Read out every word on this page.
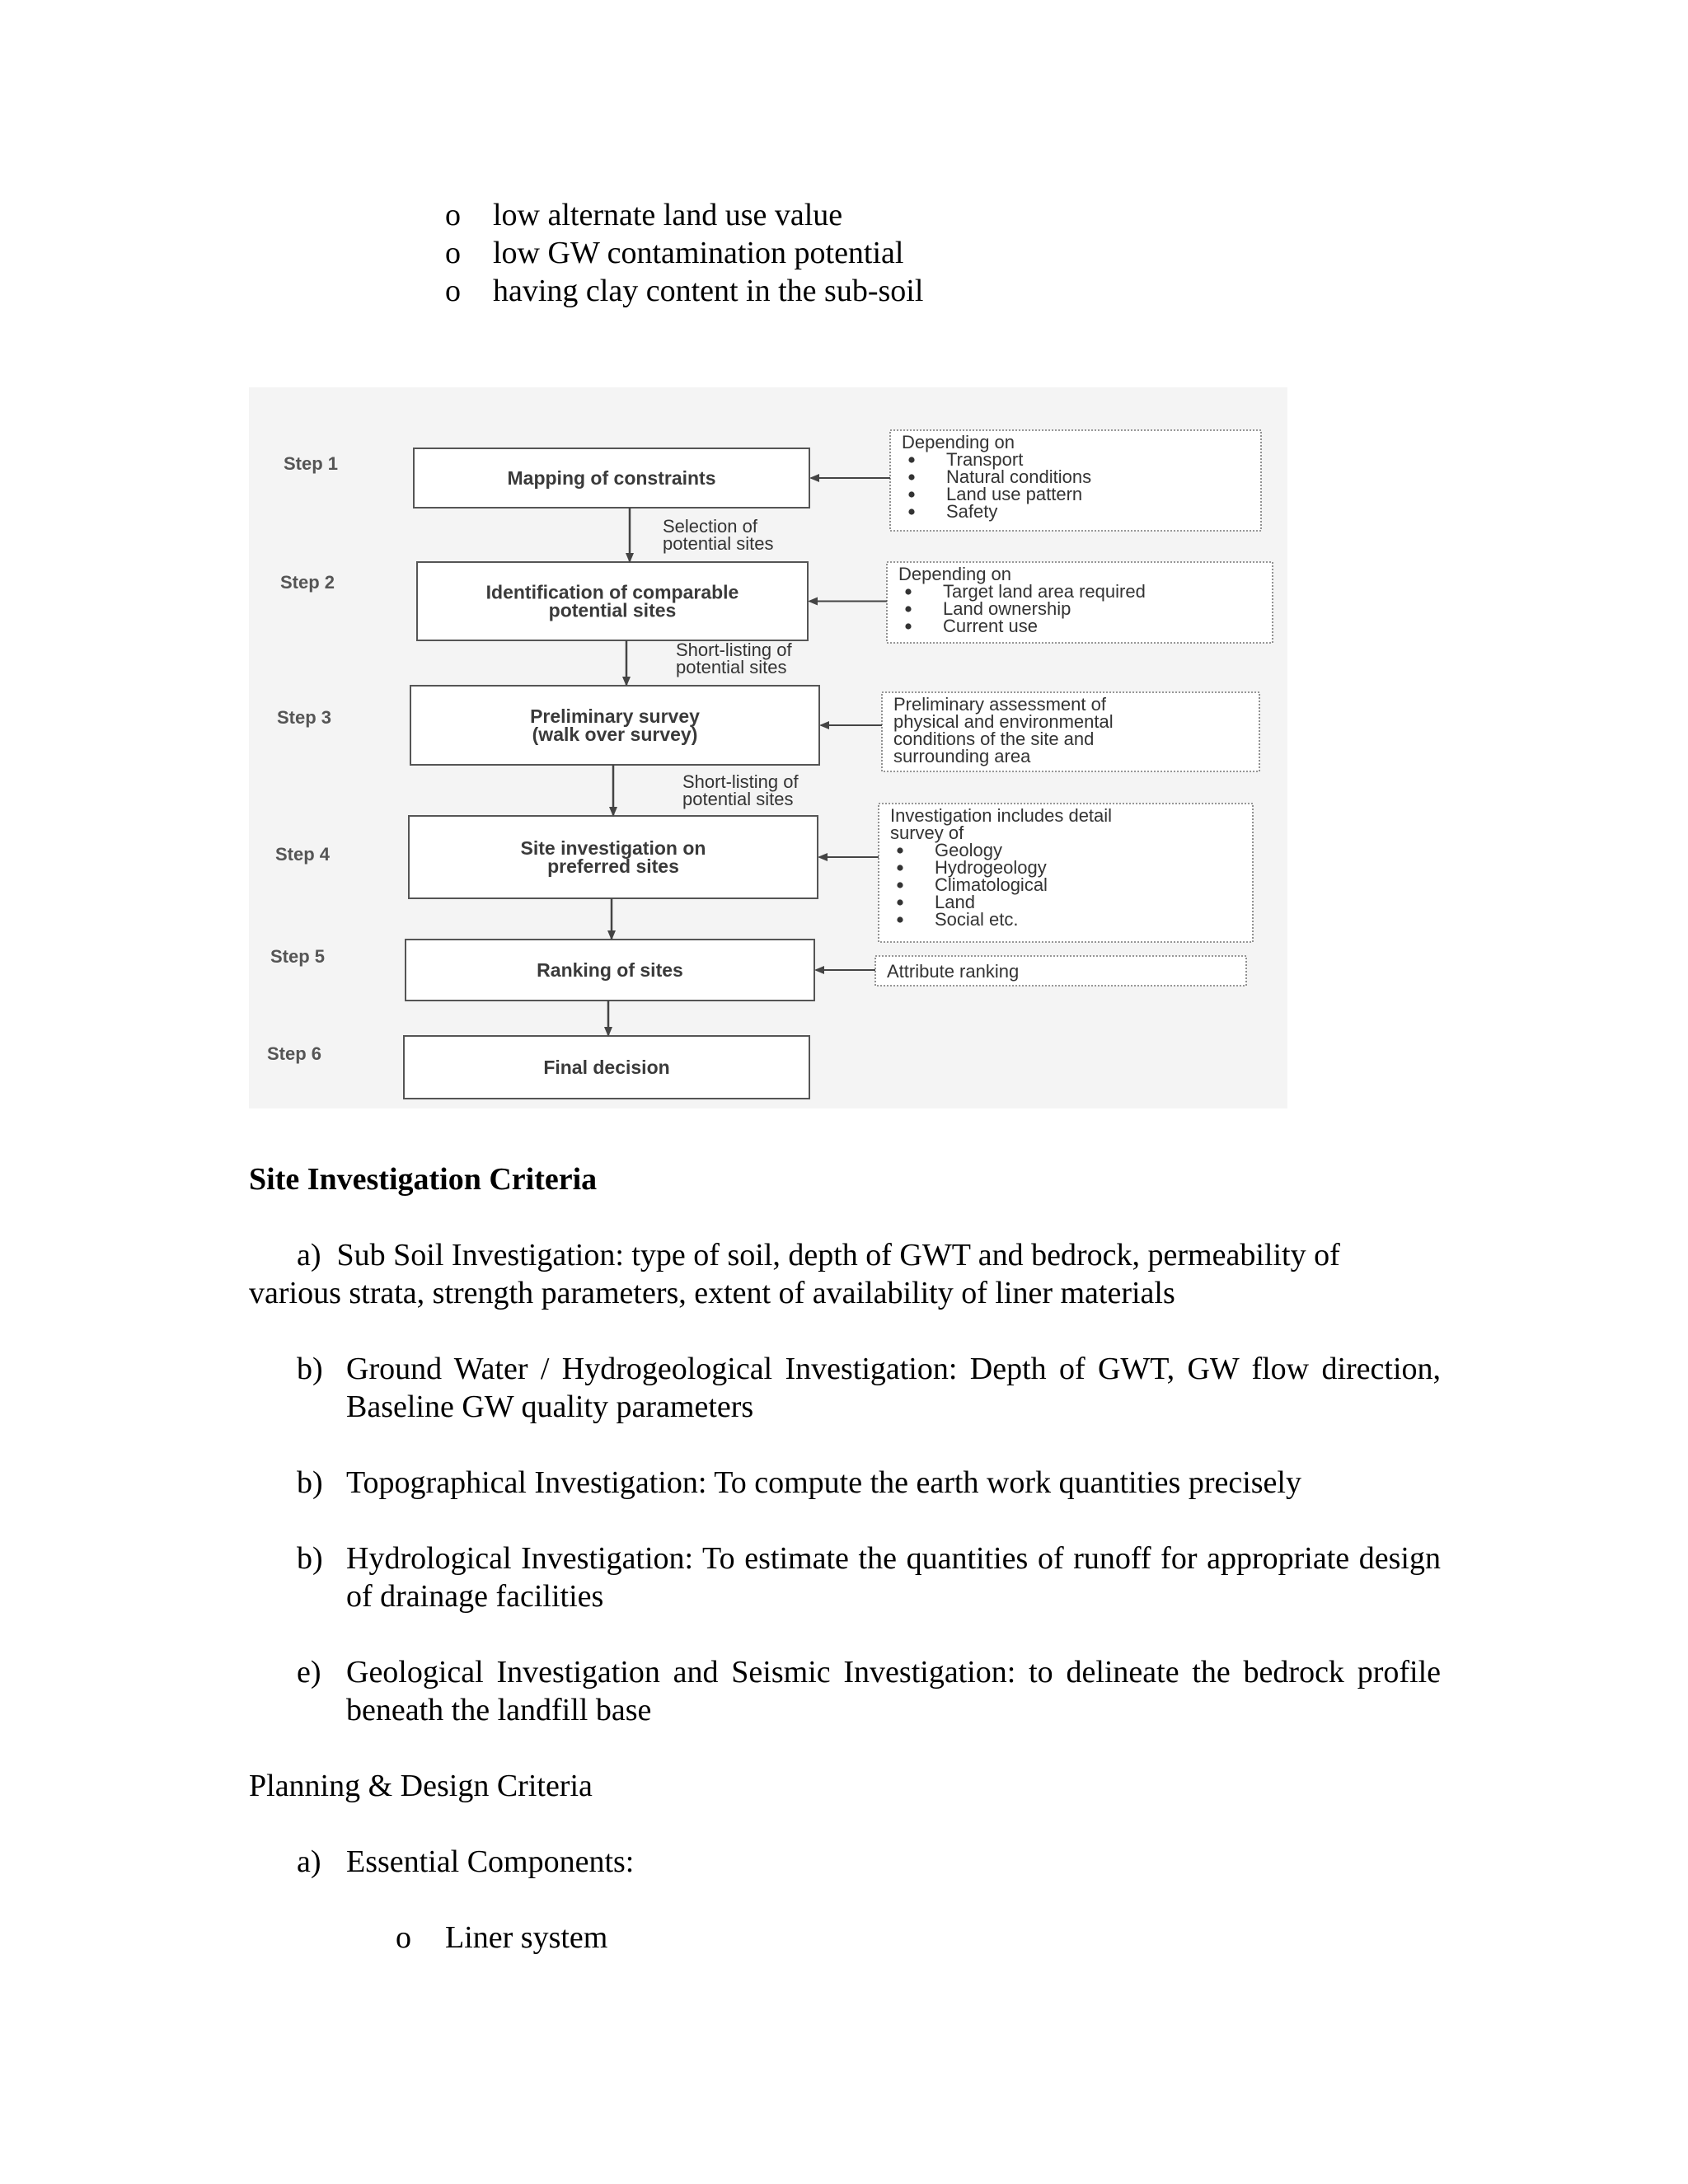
o	low alternate land use value
o	low GW contamination potential
o	having clay content in the sub-soil
Step 1
Mapping of constraints
Step 2	Identification of comparable
potential sites
Step 3	Preliminary survey
(walk over survey)
Step 4	Site investigation on
preferred sites
Step 5
Ranking of sites
Step 6
Final decision
Selection of
potential sites
Short-listing of
potential sites
Short-listing of
potential sites
Depending on
Transport
Natural conditions
Land use pattern
Safety
Depending on
Target land area required
Land ownership
Current use
Preliminary assessment of
physical and environmental
conditions of the site and
surrounding area
Investigation includes detail
survey of
Geology
Hydrogeology
Climatological
Land
Social etc.
Attribute ranking
Site Investigation Criteria
a) Sub Soil Investigation: type of soil, depth of GWT and bedrock, permeability of
various strata, strength parameters, extent of availability of liner materials
b) Ground Water / Hydrogeological Investigation: Depth of GWT, GW flow direction, Baseline GW quality parameters
b) Topographical Investigation: To compute the earth work quantities precisely
b) Hydrological Investigation: To estimate the quantities of runoff for appropriate design of drainage facilities
e) Geological Investigation and Seismic Investigation: to delineate the bedrock profile beneath the landfill base
Planning & Design Criteria
a) Essential Components:
o	Liner system
